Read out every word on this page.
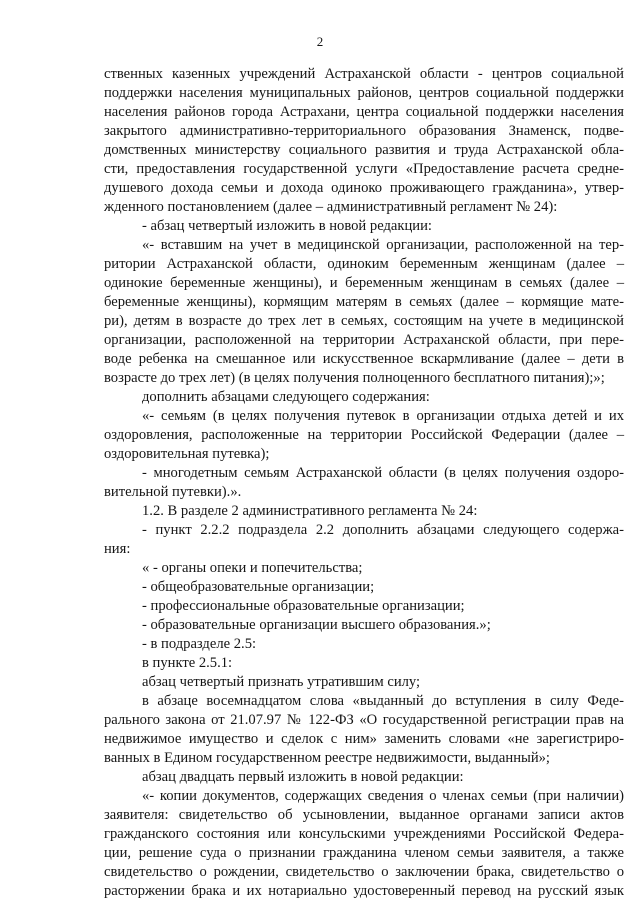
2
ственных казенных учреждений Астраханской области - центров социальной
поддержки населения муниципальных районов, центров социальной поддержки
населения районов города Астрахани, центра социальной поддержки населения
закрытого административно-территориального образования Знаменск, подве-
домственных министерству социального развития и труда Астраханской обла-
сти, предоставления государственной услуги «Предоставление расчета средне-
душевого дохода семьи и дохода одиноко проживающего гражданина», утвер-
жденного постановлением (далее – административный регламент № 24):
- абзац четвертый изложить в новой редакции:
«- вставшим на учет в медицинской организации, расположенной на тер-
ритории Астраханской области, одиноким беременным женщинам (далее –
одинокие беременные женщины), и беременным женщинам в семьях (далее –
беременные женщины), кормящим матерям в семьях (далее – кормящие мате-
ри), детям в возрасте до трех лет в семьях, состоящим на учете в медицинской
организации, расположенной на территории Астраханской области, при пере-
воде ребенка на смешанное или искусственное вскармливание (далее – дети в
возрасте до трех лет) (в целях получения полноценного бесплатного питания);»;
дополнить абзацами следующего содержания:
«- семьям (в целях получения путевок в организации отдыха детей и их
оздоровления, расположенные на территории Российской Федерации (далее –
оздоровительная путевка);
- многодетным семьям Астраханской области (в целях получения оздоро-
вительной путевки).».
1.2. В разделе 2 административного регламента № 24:
- пункт 2.2.2 подраздела 2.2 дополнить абзацами следующего содержа-
ния:
« - органы опеки и попечительства;
- общеобразовательные организации;
- профессиональные образовательные организации;
- образовательные организации высшего образования.»;
- в подразделе 2.5:
в пункте 2.5.1:
абзац четвертый признать утратившим силу;
в абзаце восемнадцатом слова «выданный до вступления в силу Феде-
рального закона от 21.07.97 № 122-ФЗ «О государственной регистрации прав на
недвижимое имущество и сделок с ним» заменить словами «не зарегистриро-
ванных в Едином государственном реестре недвижимости, выданный»;
абзац двадцать первый изложить в новой редакции:
«- копии документов, содержащих сведения о членах семьи (при наличии)
заявителя: свидетельство об усыновлении, выданное органами записи актов
гражданского состояния или консульскими учреждениями Российской Федера-
ции, решение суда о признании гражданина членом семьи заявителя, а также
свидетельство о рождении, свидетельство о заключении брака, свидетельство о
расторжении брака и их нотариально удостоверенный перевод на русский язык
